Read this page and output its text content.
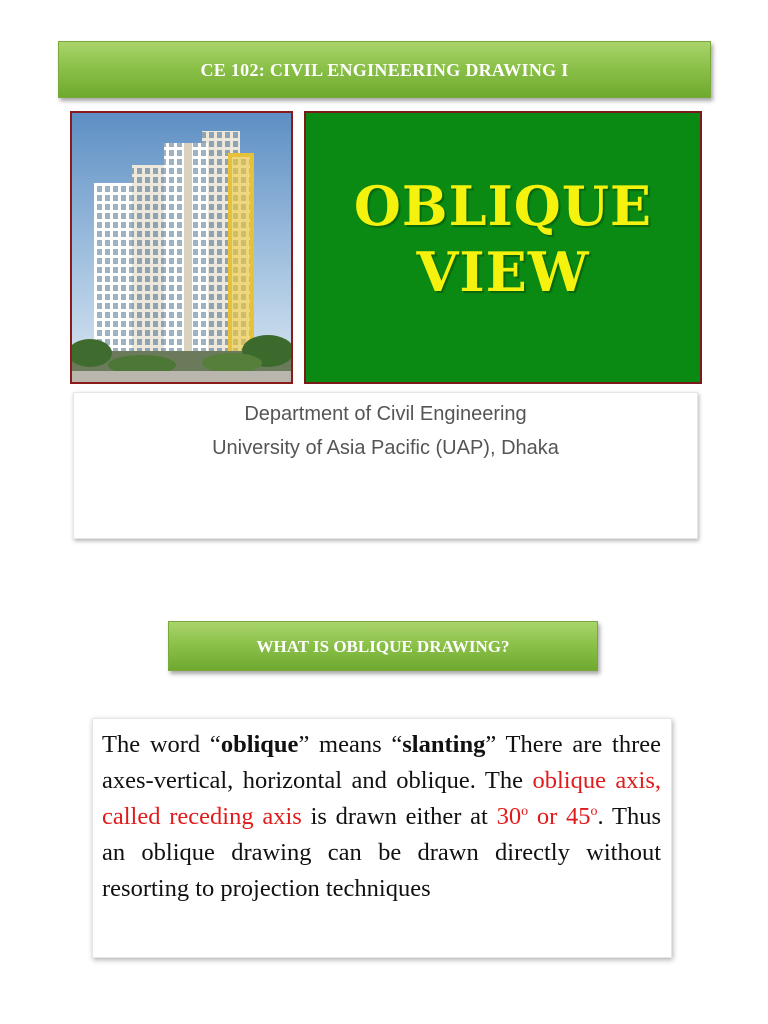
CE 102: CIVIL ENGINEERING DRAWING I
OBLIQUE
VIEW
Department of Civil Engineering
University of Asia Pacific (UAP), Dhaka
WHAT IS OBLIQUE DRAWING?
The word “oblique” means “slanting” There are three axes-vertical, horizontal and oblique. The oblique axis, called receding axis is drawn either at 30$^o$ or 45$^o$. Thus an oblique drawing can be drawn directly without resorting to projection techniques
